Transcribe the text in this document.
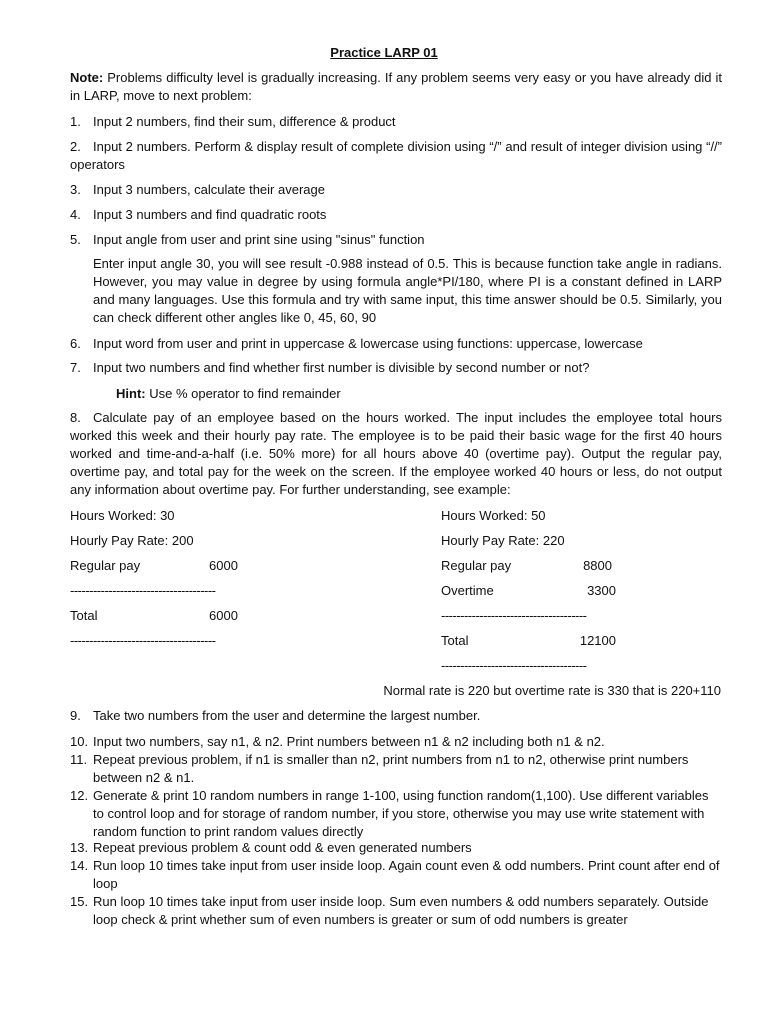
Practice LARP 01
Note: Problems difficulty level is gradually increasing. If any problem seems very easy or you have already did it in LARP, move to next problem:
1. Input 2 numbers, find their sum, difference & product
2. Input 2 numbers. Perform & display result of complete division using “/” and result of integer division using “//” operators
3. Input 3 numbers, calculate their average
4. Input 3 numbers and find quadratic roots
5. Input angle from user and print sine using "sinus" function
Enter input angle 30, you will see result -0.988 instead of 0.5. This is because function take angle in radians. However, you may value in degree by using formula angle*PI/180, where PI is a constant defined in LARP and many languages. Use this formula and try with same input, this time answer should be 0.5. Similarly, you can check different other angles like 0, 45, 60, 90
6. Input word from user and print in uppercase & lowercase using functions: uppercase, lowercase
7. Input two numbers and find whether first number is divisible by second number or not?
Hint: Use % operator to find remainder
8. Calculate pay of an employee based on the hours worked. The input includes the employee total hours worked this week and their hourly pay rate. The employee is to be paid their basic wage for the first 40 hours worked and time-and-a-half (i.e. 50% more) for all hours above 40 (overtime pay). Output the regular pay, overtime pay, and total pay for the week on the screen. If the employee worked 40 hours or less, do not output any information about overtime pay. For further understanding, see example:
Hours Worked: 30
Hourly Pay Rate: 200
Regular pay	6000
--------------------------------------
Total	6000
--------------------------------------
Hours Worked: 50
Hourly Pay Rate: 220
Regular pay	8800
Overtime	3300
--------------------------------------
Total	12100
--------------------------------------
Normal rate is 220 but overtime rate is 330 that is 220+110
9. Take two numbers from the user and determine the largest number.
10. Input two numbers, say n1, & n2. Print numbers between n1 & n2 including both n1 & n2.
11. Repeat previous problem, if n1 is smaller than n2, print numbers from n1 to n2, otherwise print numbers between n2 & n1.
12. Generate & print 10 random numbers in range 1-100, using function random(1,100). Use different variables to control loop and for storage of random number, if you store, otherwise you may use write statement with random function to print random values directly
13. Repeat previous problem & count odd & even generated numbers
14. Run loop 10 times take input from user inside loop. Again count even & odd numbers. Print count after end of loop
15. Run loop 10 times take input from user inside loop. Sum even numbers & odd numbers separately. Outside loop check & print whether sum of even numbers is greater or sum of odd numbers is greater
